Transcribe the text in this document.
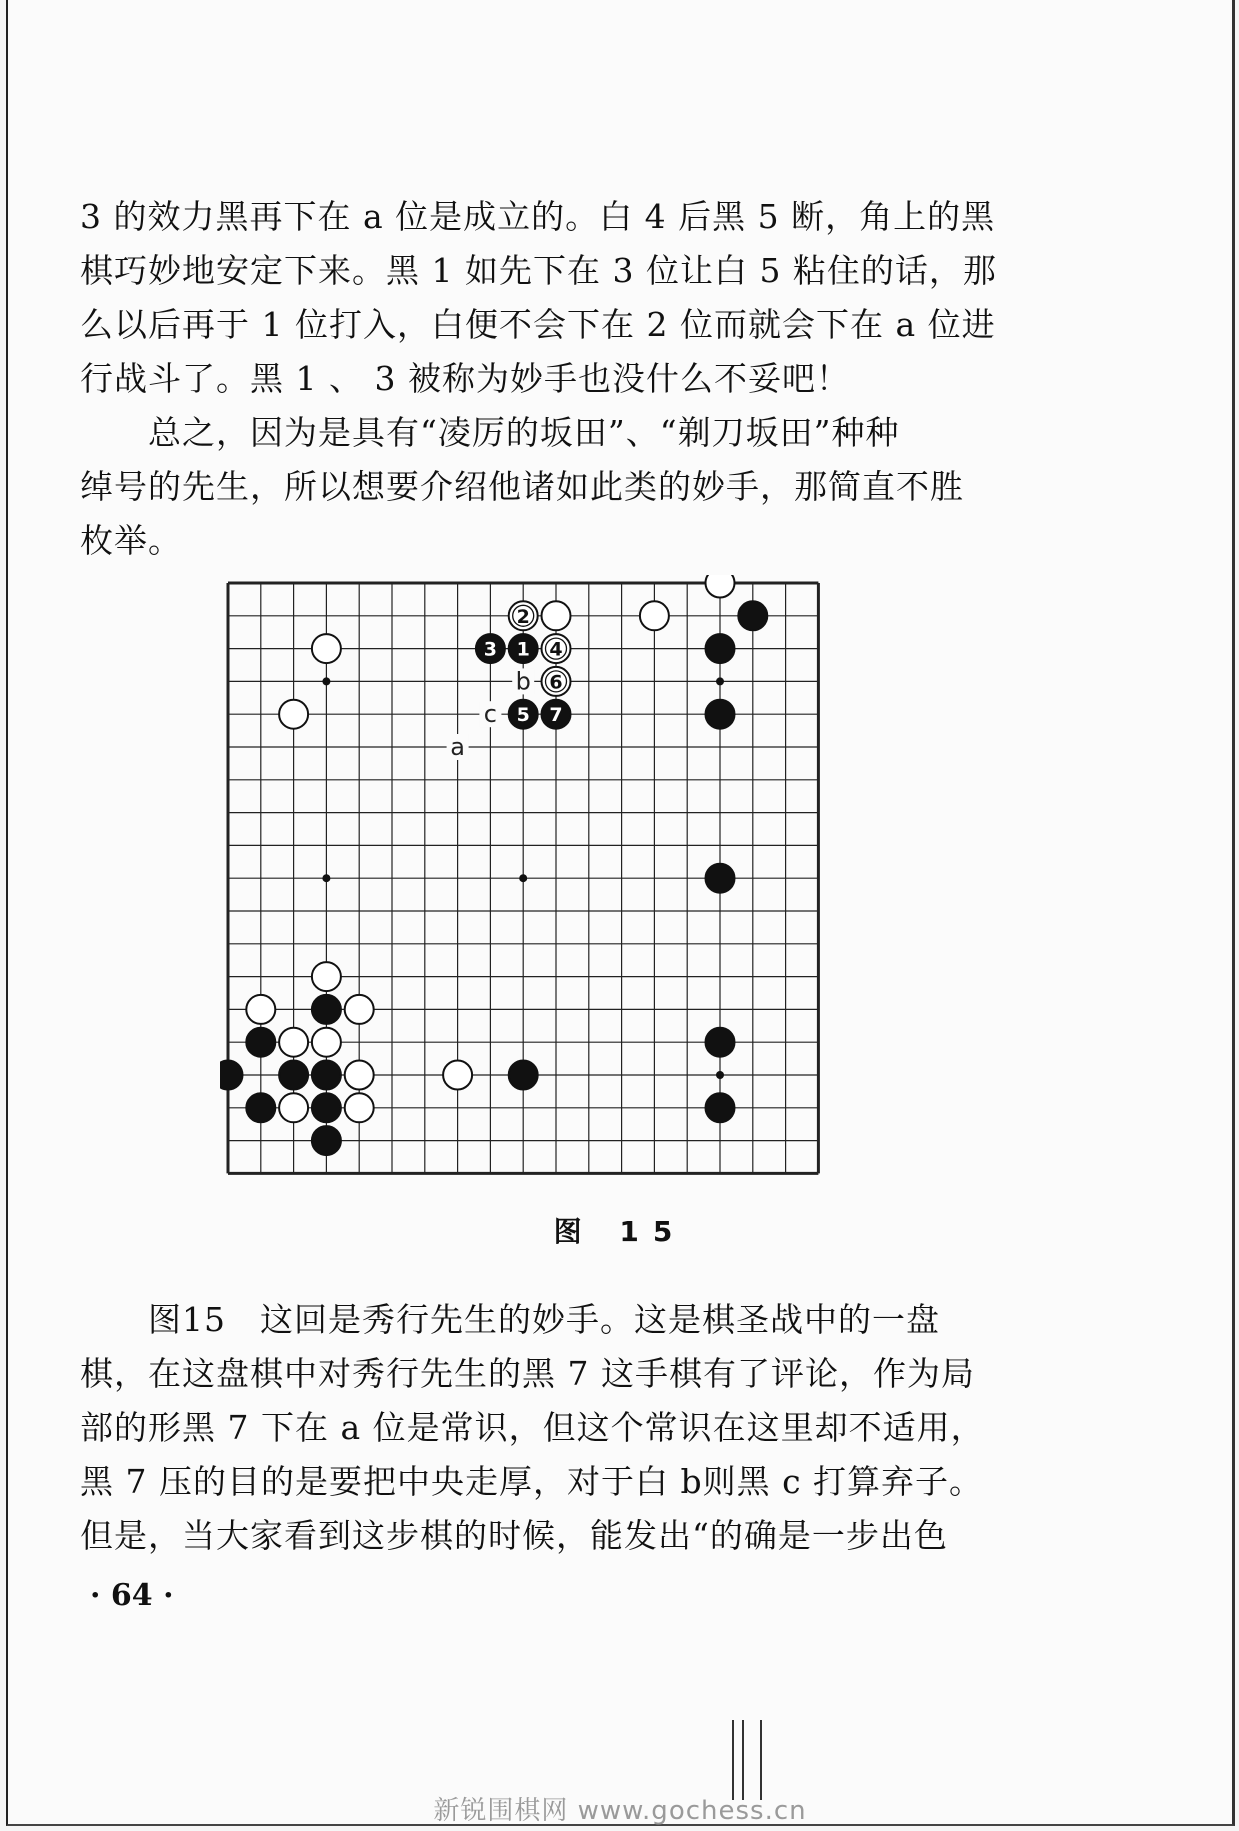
3 的效力黑再下在 a 位是成立的。白 4 后黑 5 断，角上的黑
棋巧妙地安定下来。黑 1 如先下在 3 位让白 5 粘住的话，那
么以后再于 1 位打入，白便不会下在 2 位而就会下在 a 位进
行战斗了。黑 1 、 3 被称为妙手也没什么不妥吧！
　　总之，因为是具有“凌厉的坂田”、“剃刀坂田”种种
绰号的先生，所以想要介绍他诸如此类的妙手，那简直不胜
枚举。
b
c
a
2
3 1 4
6
5 7
图 15
　　图15　这回是秀行先生的妙手。这是棋圣战中的一盘
棋，在这盘棋中对秀行先生的黑 7 这手棋有了评论，作为局
部的形黑 7 下在 a 位是常识，但这个常识在这里却不适用，
黑 7 压的目的是要把中央走厚，对于白 b则黑 c 打算弃子。
但是，当大家看到这步棋的时候，能发出“的确是一步出色
· 64 ·
新锐围棋网 www.gochess.cn
